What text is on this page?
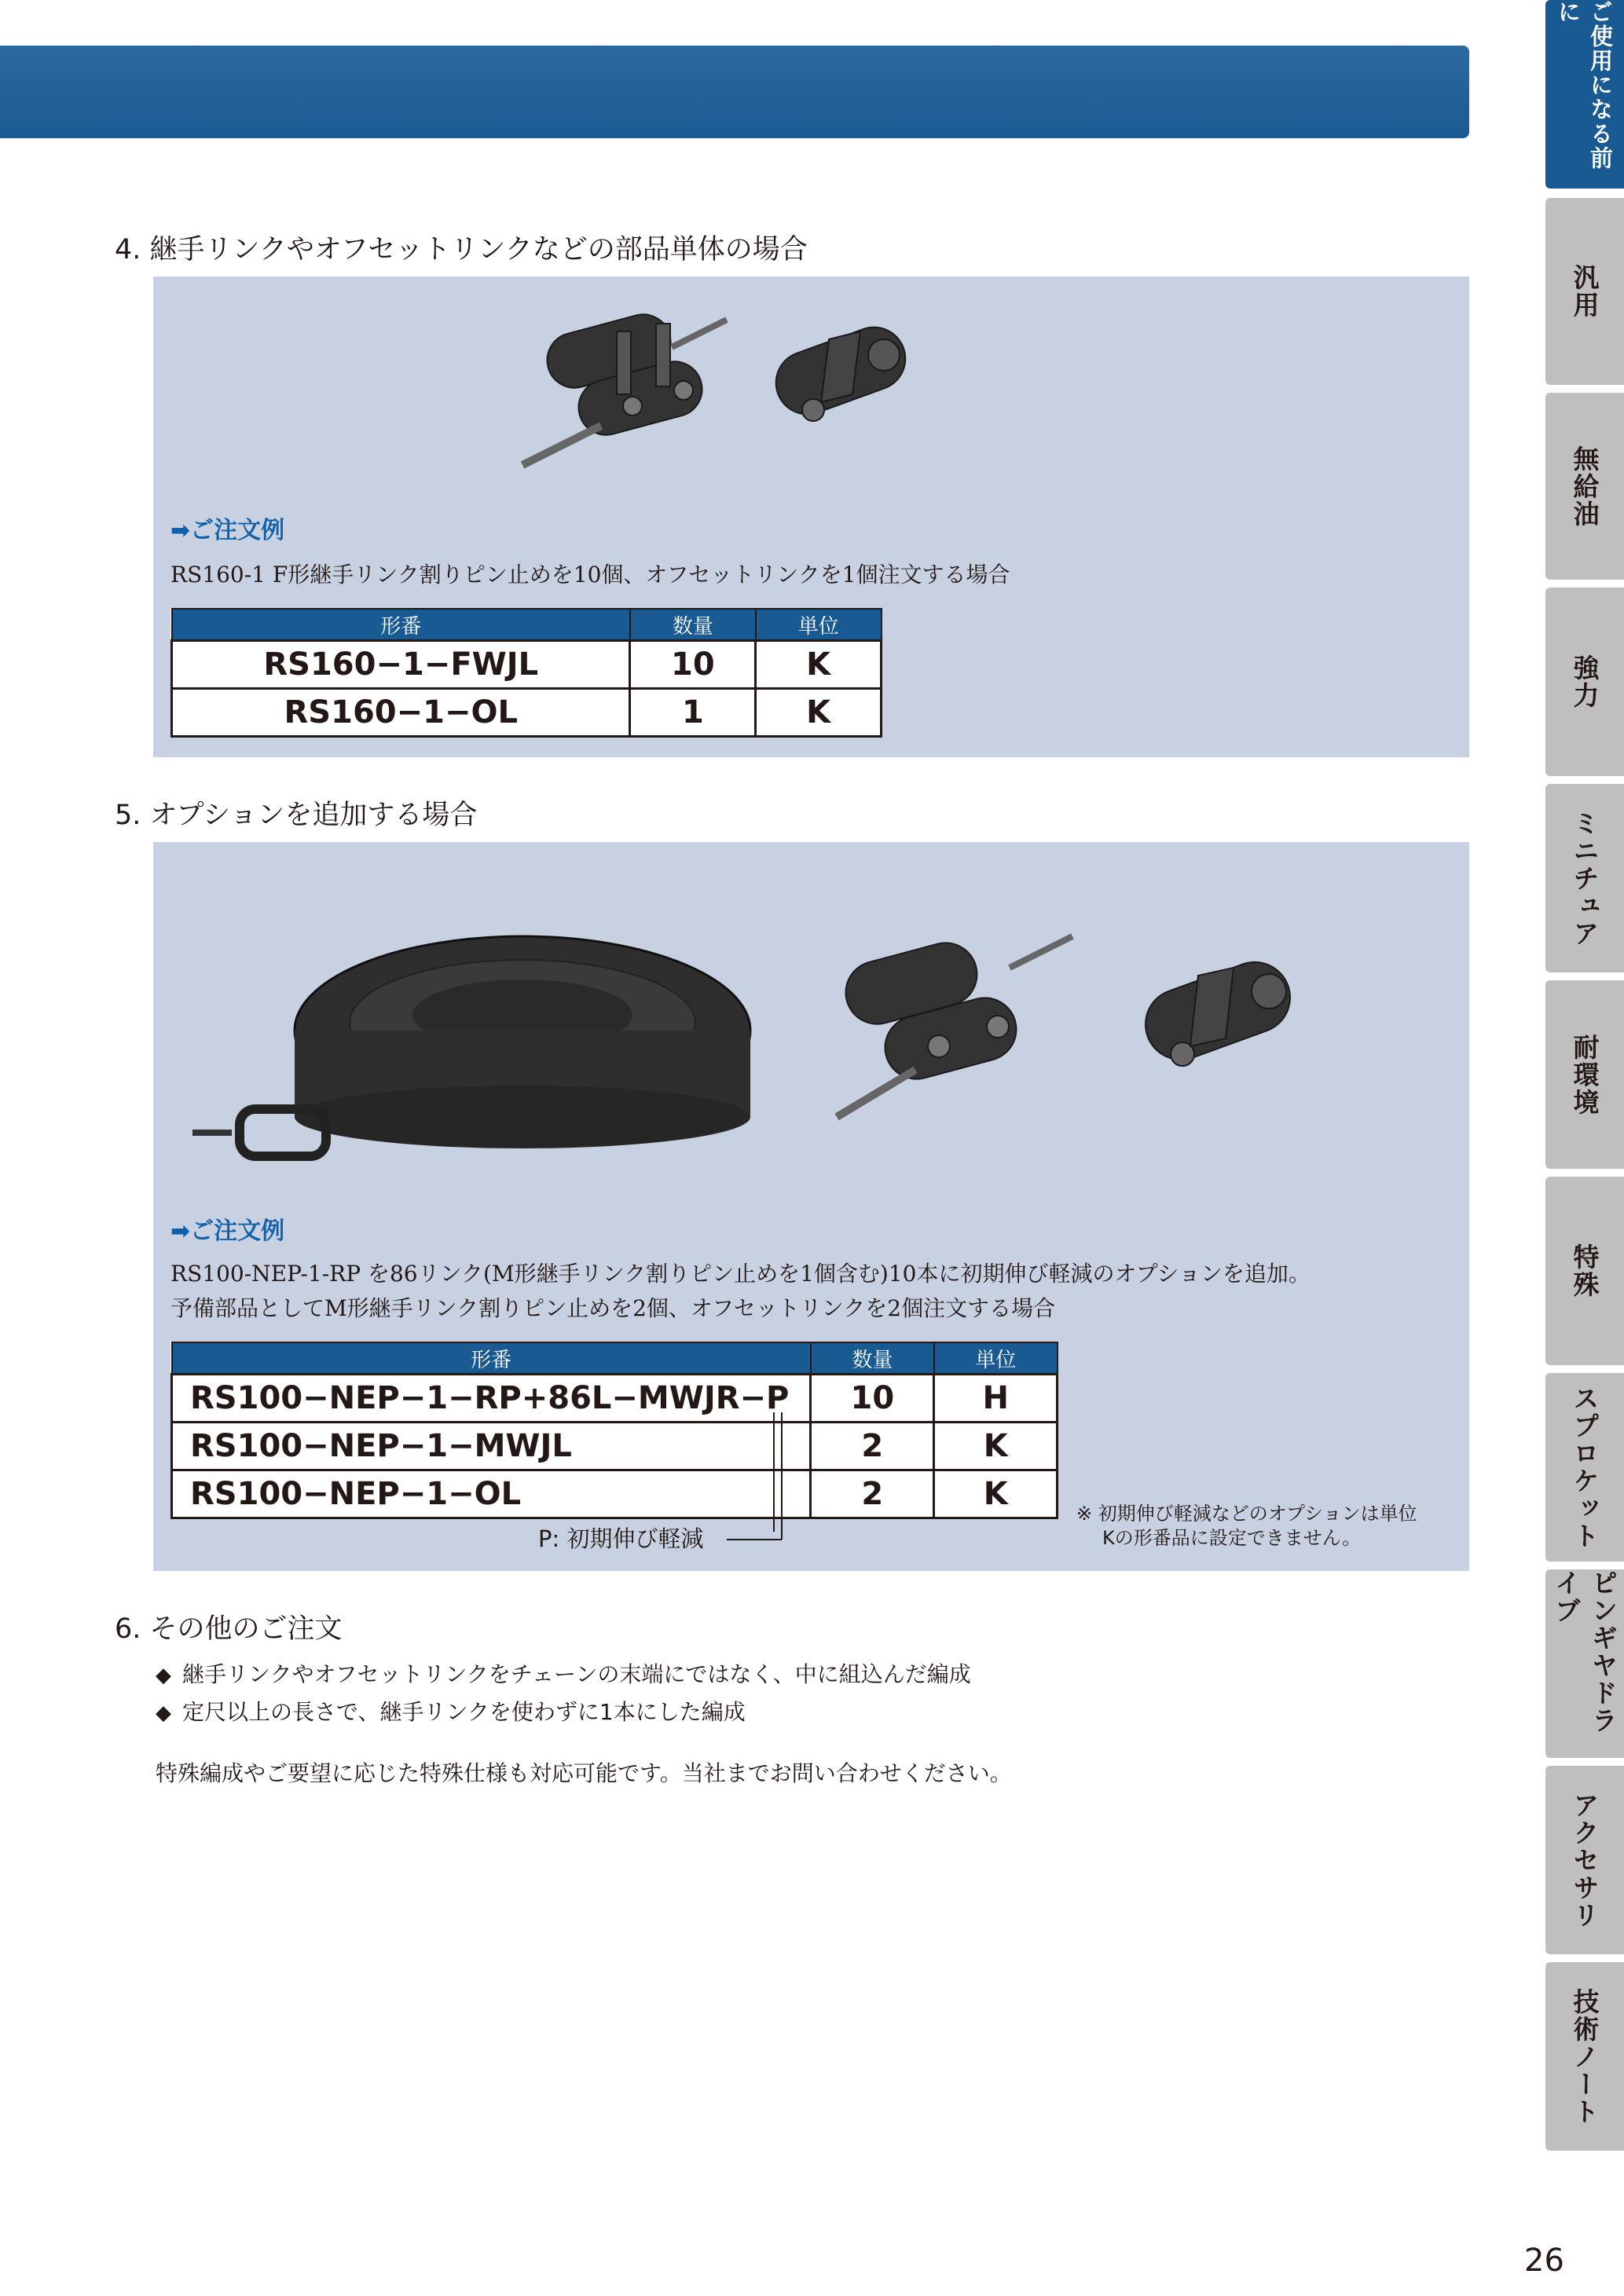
4. 継手リンクやオフセットリンクなどの部品単体の場合
➡ご注文例
RS160-1 F形継手リンク割りピン止めを10個、オフセットリンクを1個注文する場合
形番	数量	単位
RS160−1−FWJL	10	K
RS160−1−OL	1	K
5. オプションを追加する場合
➡ご注文例
RS100-NEP-1-RP を86リンク(M形継手リンク割りピン止めを1個含む)10本に初期伸び軽減のオプションを追加。
予備部品としてM形継手リンク割りピン止めを2個、オフセットリンクを2個注文する場合
形番	数量	単位
RS100−NEP−1−RP+86L−MWJR−P	10	H
RS100−NEP−1−MWJL	2	K
RS100−NEP−1−OL	2	K
P: 初期伸び軽減
※ 初期伸び軽減などのオプションは単位
Kの形番品に設定できません。
6. その他のご注文
◆ 継手リンクやオフセットリンクをチェーンの末端にではなく、中に組込んだ編成
◆ 定尺以上の長さで、継手リンクを使わずに1本にした編成
特殊編成やご要望に応じた特殊仕様も対応可能です。当社までお問い合わせください。
ご使用になる前に
汎用
無給油
強力
ミニチュア
耐環境
特殊
スプロケット
ピンギヤドライブ
アクセサリ
技術ノート
26
